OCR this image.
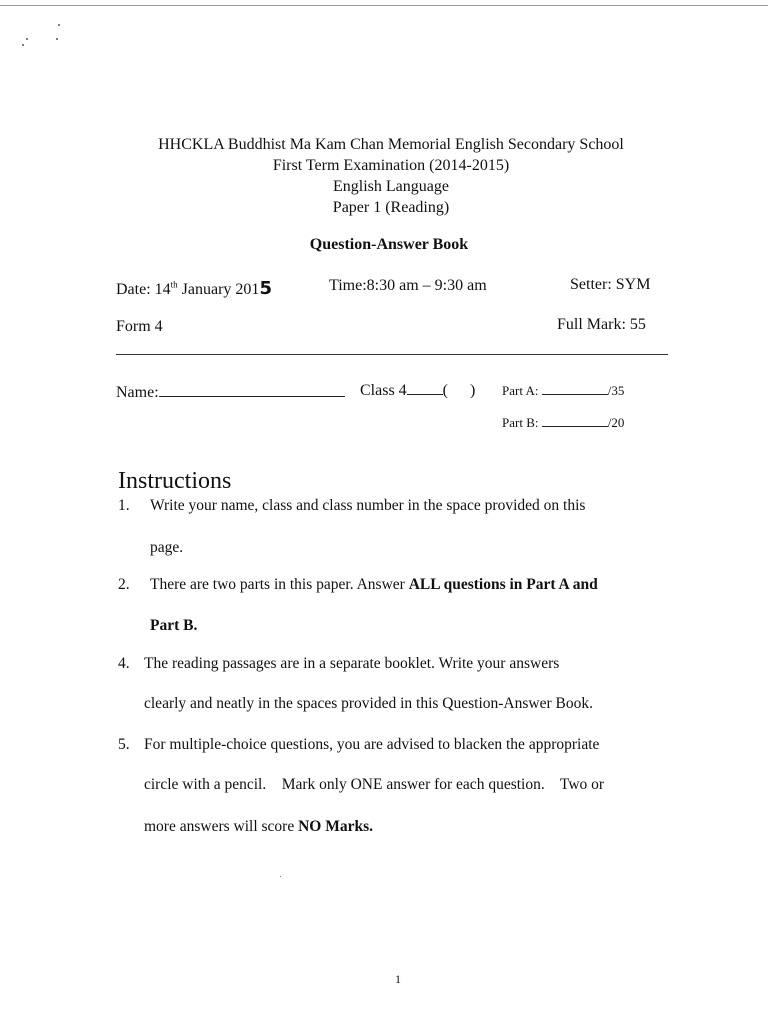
HHCKLA Buddhist Ma Kam Chan Memorial English Secondary School
First Term Examination (2014-2015)
English Language
Paper 1 (Reading)
Question-Answer Book
Date: 14th January 2015	Time:8:30 am – 9:30 am	Setter: SYM
Form 4	Full Mark: 55
Name:	Class 4 ( ) Part A:	/35
Part B:	/20
Instructions
1. Write your name, class and class number in the space provided on this
page.
2. There are two parts in this paper. Answer ALL questions in Part A and
Part B.
4. The reading passages are in a separate booklet. Write your answers
clearly and neatly in the spaces provided in this Question-Answer Book.
5. For multiple-choice questions, you are advised to blacken the appropriate
circle with a pencil.    Mark only ONE answer for each question.    Two or
more answers will score NO Marks.
1
